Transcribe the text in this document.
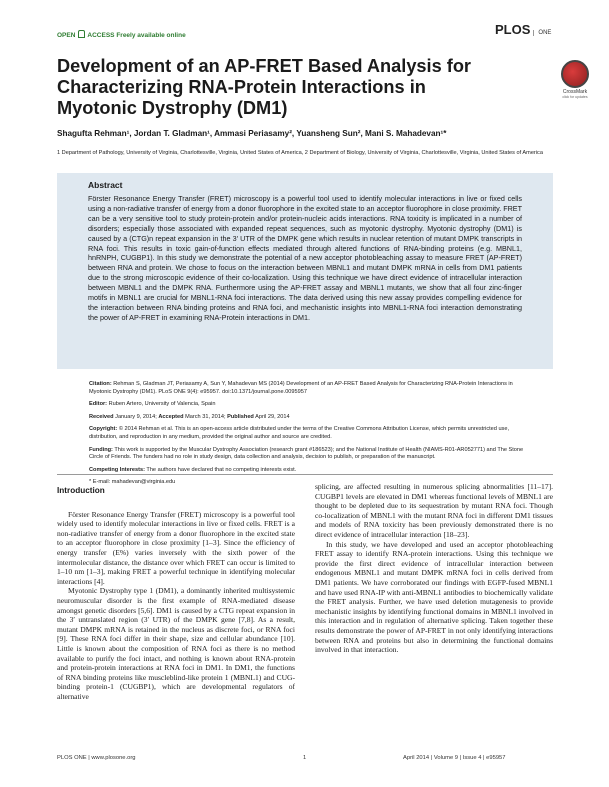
OPEN ACCESS Freely available online	PLOS ONE
Development of an AP-FRET Based Analysis for Characterizing RNA-Protein Interactions in Myotonic Dystrophy (DM1)
CrossMark
click for updates
Shagufta Rehman¹, Jordan T. Gladman¹, Ammasi Periasamy², Yuansheng Sun², Mani S. Mahadevan¹*
1 Department of Pathology, University of Virginia, Charlottesville, Virginia, United States of America, 2 Department of Biology, University of Virginia, Charlottesville, Virginia, United States of America
Abstract

Förster Resonance Energy Transfer (FRET) microscopy is a powerful tool used to identify molecular interactions in live or fixed cells using a non-radiative transfer of energy from a donor fluorophore in the excited state to an acceptor fluorophore in close proximity. FRET can be a very sensitive tool to study protein-protein and/or protein-nucleic acids interactions. RNA toxicity is implicated in a number of disorders; especially those associated with expanded repeat sequences, such as myotonic dystrophy. Myotonic dystrophy (DM1) is caused by a (CTG)n repeat expansion in the 3′ UTR of the DMPK gene which results in nuclear retention of mutant DMPK transcripts in RNA foci. This results in toxic gain-of-function effects mediated through altered functions of RNA-binding proteins (e.g. MBNL1, hnRNPH, CUGBP1). In this study we demonstrate the potential of a new acceptor photobleaching assay to measure FRET (AP-FRET) between RNA and protein. We chose to focus on the interaction between MBNL1 and mutant DMPK mRNA in cells from DM1 patients due to the strong microscopic evidence of their co-localization. Using this technique we have direct evidence of intracellular interaction between MBNL1 and the DMPK RNA. Furthermore using the AP-FRET assay and MBNL1 mutants, we show that all four zinc-finger motifs in MBNL1 are crucial for MBNL1-RNA foci interactions. The data derived using this new assay provides compelling evidence for the interaction between RNA binding proteins and RNA foci, and mechanistic insights into MBNL1-RNA foci interaction demonstrating the power of AP-FRET in examining RNA-Protein interactions in DM1.

Citation: Rehman S, Gladman JT, Periasamy A, Sun Y, Mahadevan MS (2014) Development of an AP-FRET Based Analysis for Characterizing RNA-Protein Interactions in Myotonic Dystrophy (DM1). PLoS ONE 9(4): e95957. doi:10.1371/journal.pone.0095957
Editor: Ruben Artero, University of Valencia, Spain
Received January 9, 2014; Accepted March 31, 2014; Published April 29, 2014
Copyright: © 2014 Rehman et al. This is an open-access article distributed under the terms of the Creative Commons Attribution License, which permits unrestricted use, distribution, and reproduction in any medium, provided the original author and source are credited.
Funding: This work is supported by the Muscular Dystrophy Association (research grant #186523); and the National Institute of Health (NIAMS-R01-AR052771) and The Stone Circle of Friends. The funders had no role in study design, data collection and analysis, decision to publish, or preparation of the manuscript.
Competing Interests: The authors have declared that no competing interests exist.
* E-mail: mahadevan@virginia.edu
Introduction

Förster Resonance Energy Transfer (FRET) microscopy is a powerful tool widely used to identify molecular interactions in live or fixed cells. FRET is a non-radiative transfer of energy from a donor fluorophore in the excited state to an acceptor fluorophore in close proximity [1–3]. Since the efficiency of energy transfer (E%) varies inversely with the sixth power of the intermolecular distance, the distance over which FRET can occur is limited to 1–10 nm [1–3], making FRET a powerful technique in identifying molecular interactions [4].

Myotonic Dystrophy type 1 (DM1), a dominantly inherited multisystemic neuromuscular disorder is the first example of RNA-mediated disease amongst genetic disorders [5,6]. DM1 is caused by a CTG repeat expansion in the 3′ untranslated region (3′ UTR) of the DMPK gene [7,8]. As a result, mutant DMPK mRNA is retained in the nucleus as discrete foci, or RNA foci [9]. These RNA foci differ in their shape, size and cellular abundance [10]. Little is known about the composition of RNA foci as there is no method available to purify the foci intact, and nothing is known about RNA-protein and protein-protein interactions at RNA foci in DM1. In DM1, the functions of RNA binding proteins like muscleblind-like protein 1 (MBNL1) and CUG-binding protein-1 (CUGBP1), which are developmental regulators of alternative

splicing, are affected resulting in numerous splicing abnormalities [11–17]. CUGBP1 levels are elevated in DM1 whereas functional levels of MBNL1 are thought to be depleted due to its sequestration by mutant RNA foci. Though co-localization of MBNL1 with the mutant RNA foci in different DM1 tissues and models of RNA toxicity has been previously demonstrated there is no direct evidence of intracellular interaction [18–23].

In this study, we have developed and used an acceptor photobleaching FRET assay to identify RNA-protein interactions. Using this technique we provide the first direct evidence of intracellular interaction between endogenous MBNL1 and mutant DMPK mRNA foci in cells derived from DM1 patients. We have corroborated our findings with EGFP-fused MBNL1 and have used RNA-IP with anti-MBNL1 antibodies to biochemically validate the FRET analysis. Further, we have used deletion mutagenesis to provide mechanistic insights by identifying functional domains in MBNL1 involved in this interaction and in regulation of alternative splicing. Taken together these results demonstrate the power of AP-FRET in not only identifying interactions between RNA and proteins but also in determining the functional domains involved in that interaction.

PLOS ONE | www.plosone.org	1	April 2014 | Volume 9 | Issue 4 | e95957
